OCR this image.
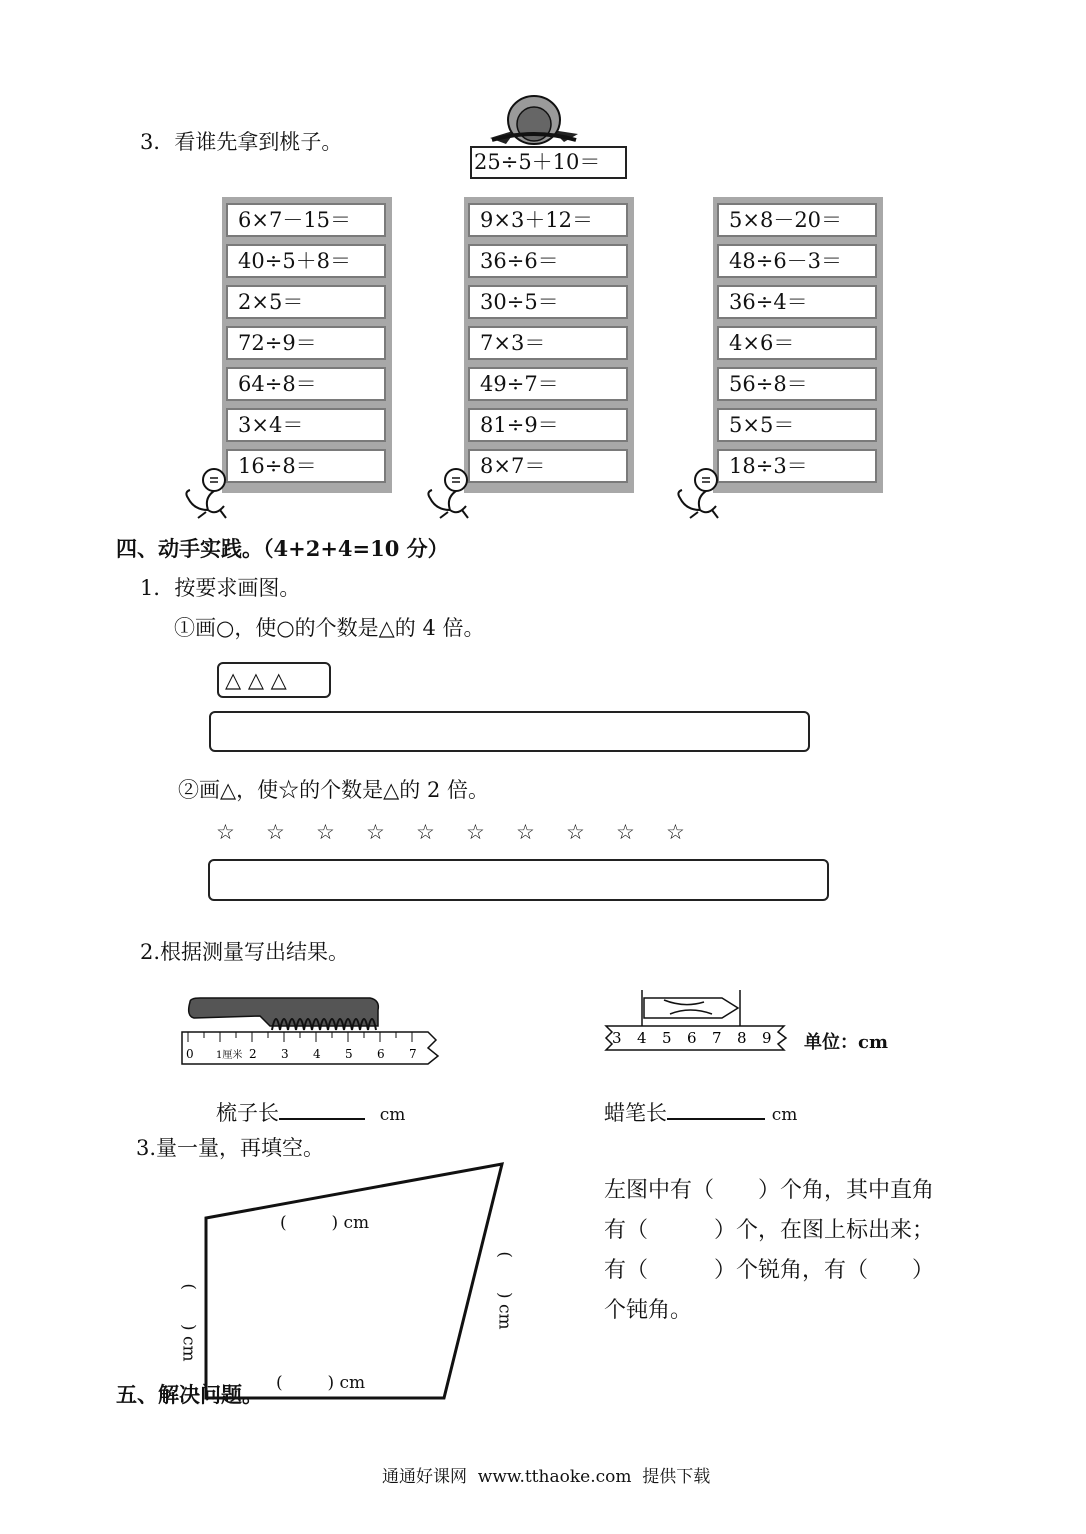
3．看谁先拿到桃子。
25÷5＋10＝
6×7－15＝
40÷5＋8＝
2×5＝
72÷9＝
64÷8＝
3×4＝
16÷8＝
9×3＋12＝
36÷6＝
30÷5＝
7×3＝
49÷7＝
81÷9＝
8×7＝
5×8－20＝
48÷6－3＝
36÷4＝
4×6＝
56÷8＝
5×5＝
18÷3＝
四、动手实践。（4+2+4=10 分）
1．按要求画图。
①画○，使○的个数是△的 4 倍。
△ △ △
②画△，使☆的个数是△的 2 倍。
☆ ☆ ☆ ☆ ☆ ☆ ☆ ☆ ☆ ☆
2.根据测量写出结果。
0 1厘米 2 3 4 5 6 7
3 4 5 6 7 8 9 单位：cm
梳子长	cm	蜡笔长	cm
3.量一量，再填空。
(　　  ) cm
(　　  ) cm
(　　) cm	(　　) cm
左图中有（　　）个角，其中直角
有（　　　）个，在图上标出来；
有（　　　）个锐角，有（　　）
个钝角。
五、解决问题。
通通好课网  www.tthaoke.com  提供下载
